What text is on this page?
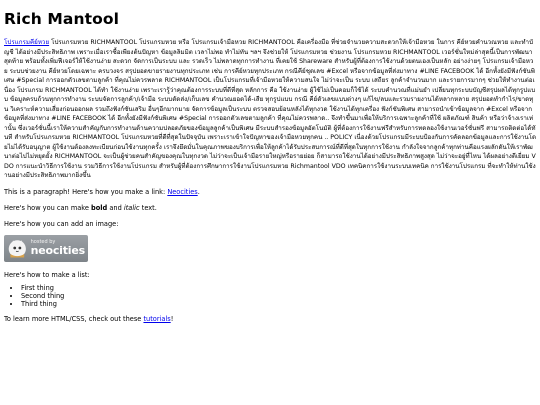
Rich Mantool

โปรแกรมคีย์หวย โปรแกรมหวย RICHMANTOOL โปรแกรมหวย หรือ โปรแกรมเจ้ามือหวย RICHMANTOOL คือเครื่องมือ ที่ช่วยจำนวยความสะดวกให้เจ้ามือหวย ในการ คีย์หวยคำนวณหวย และทำบัญชี ได้อย่างมีประสิทธิภาพ เพราะเมื่อเราซื้อเพียงต้นปัญหา ข้อมูลลิมมิต เวลาไม่พอ ทำไม่ทัน ฯลฯ จึงช่วยให้ โปรแกรมหวย ช่วยงาน โปรแกรมหวย RICHMANTOOL เวอร์ชั่นใหม่ล่าสุดนี้เป็นการพัฒนาสุดท้าย พร้อมทั้งเพิ่มฟีเจอร์ให้ใช้งานง่าย สะดวก จัดการเป็นระบบ และ รวดเร็ว ไม่พลาดทุกการทำงาน ที่เคยใช้ Shareware สำหรับผู้ที่ต้องการใช้งานด้วยตนเองเป็นหลัก อย่างง่ายๆ โปรแกรมเจ้ามือหวย ระบบช่วยงาน คีย์หวยโดยเฉพาะ ครบวงจร สรุปยอดขายรายงานทุกประเภท เช่น การคีย์หวยทุกประเภท กรณีคีย์ชุดเลข #Excel หรือจากข้อมูลที่ส่งมาทาง #LINE FACEBOOK ได้ อีกทั้งยังมีฟังก์ชันพิเศษ #Special การออกตัวเลขตามลูกค้า ที่คุณไม่ควรพลาด RICHMANTOOL เป็นโปรแกรมที่เจ้ามือหวยให้ความสนใจ ไม่ว่าจะเป็น ระบบ เสถียร ลูกค้าจำนวนมาก และรายการมากๆ ช่วยให้ทำงานต่อเนื่อง โปรแกรม RICHMANTOOL ได้ทำ ใช้งานง่าย เพราะเรารู้ว่าคุณต้องการระบบที่ดีที่สุด หลักการ คือ ใช้งานง่าย ผู้ใช้ไม่เป็นคอมก็ใช้ได้ ระบบคำนวณที่แม่นยำ เปลี่ยนทุกระบบบัญชีสรุปผลได้ทุกรูปแบบ ข้อมูลครบถ้วนทุกการทำงาน ระบบจัดการลูกค้า/เจ้ามือ ระบบตัดส่ง/เก็บเลข คำนวณยอดได้-เสีย ทุกรูปแบบ กรณี คีย์ตัวเลขแบบต่างๆ แก้ไข/ลบและรวมรายงานได้หลากหลาย สรุปยอดทำกำไร/ขาดทุน วิเคราะห์ความเสี่ยงก่อนออกผล รวมถึงฟังก์ชันเสริม อื่นๆอีกมากมาย จัดการข้อมูลเป็นระบบ ตรวจสอบย้อนหลังได้ทุกงวด ใช้งานได้ทุกเครื่อง ฟังก์ชันพิเศษ สามารถนำเข้าข้อมูลจาก #Excel หรือจากข้อมูลที่ส่งมาทาง #LINE FACEBOOK ได้ อีกทั้งยังมีฟังก์ชันพิเศษ #Special การออกตัวเลขตามลูกค้า ที่คุณไม่ควรพลาด.. จึงทำขึ้นมาเพื่อให้บริการเฉพาะลูกค้าที่ใช้ ผลิตภัณฑ์ สินค้า หรือว่าจ้างเราเท่านั้น ซึ่งเวอร์ชั่นนี้เราให้ความสำคัญกับการทำงานด้านความปลอดภัยของข้อมูลลูกค้าเป็นพิเศษ มีระบบสำรองข้อมูลอัตโนมัติ ผู้ที่ต้องการใช้งานฟรีสำหรับการทดลองใช้งานเวอร์ชั่นฟรี สามารถติดต่อได้ทันที สำหรับโปรแกรมหวย RICHMANTOOL โปรแกรมหวยที่ดีที่สุดในปัจจุบัน เพราะเราเข้าใจปัญหาของเจ้ามือหวยทุกคน .. POLICY เนื่องด้วยโปรแกรมมีระบบป้องกันการคัดลอกข้อมูลและการใช้งานโดยไม่ได้รับอนุญาต ผู้ใช้งานต้องลงทะเบียนก่อนใช้งานทุกครั้ง เราจึงยึดมั่นในคุณภาพของบริการเพื่อให้ลูกค้าได้รับประสบการณ์ที่ดีที่สุดในทุกการใช้งาน กำลังใจจากลูกค้าทุกท่านคือแรงผลักดันให้เราพัฒนาต่อไปไม่หยุดยั้ง RICHMANTOOL จะเป็นผู้ช่วยคนสำคัญของคุณในทุกงวด ไม่ว่าจะเป็นเจ้ามือรายใหญ่หรือรายย่อย ก็สามารถใช้งานได้อย่างมีประสิทธิภาพสูงสุด ไม่ว่าจะอยู่ที่ไหน ได้ผลอย่างดีเยี่ยม VDO การแนะนำวิธีการใช้งาน รวมวิธีการใช้งานโปรแกรม สำหรับผู้ที่ต้องการศึกษาการใช้งานโปรแกรมหวย Richmantool VDO เทคนิคการใช้งานระบบเทคนิค การใช้งานโปรแกรม ที่จะทำให้ท่านใช้งานอย่างมีประสิทธิภาพมากยิ่งขึ้น

This is a paragraph! Here's how you make a link: Neocities.

Here's how you can make bold and italic text.

Here's how you can add an image:

hosted by
neocities

Here's how to make a list:

• First thing
• Second thing
• Third thing

To learn more HTML/CSS, check out these tutorials!
